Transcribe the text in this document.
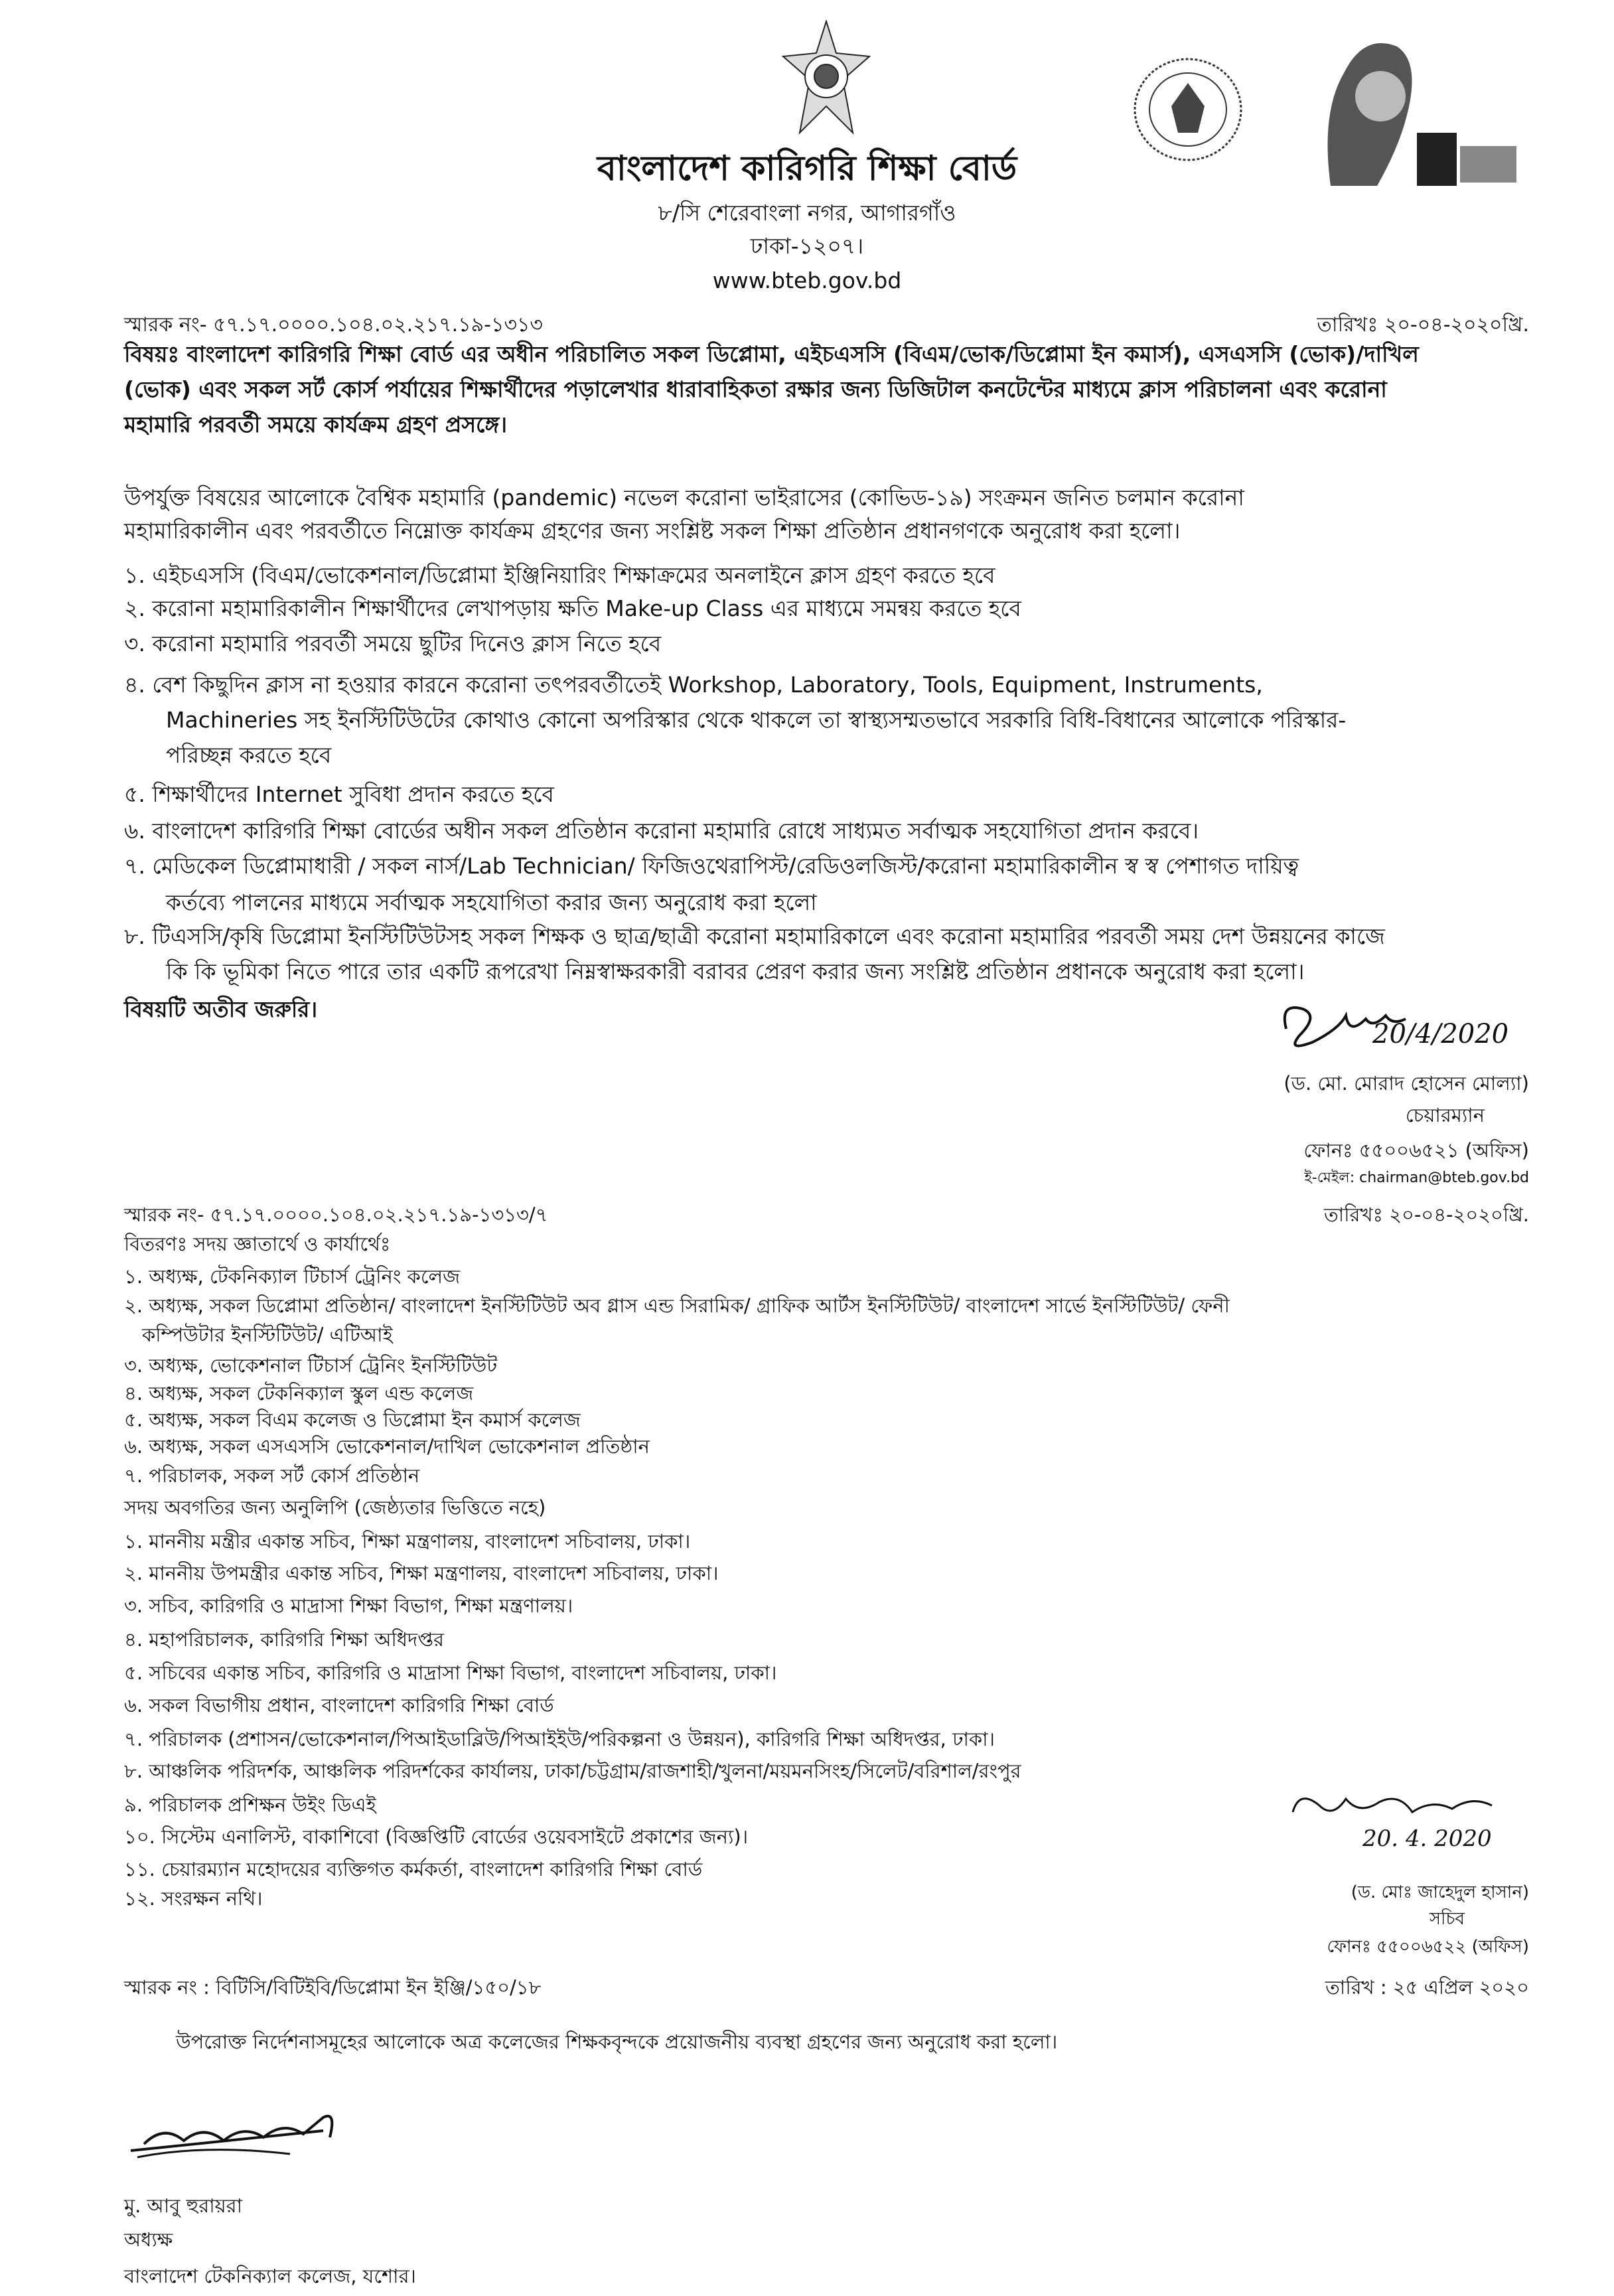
বাংলাদেশ কারিগরি শিক্ষা বোর্ড
৮/সি শেরেবাংলা নগর, আগারগাঁও
ঢাকা-১২০৭।
www.bteb.gov.bd
স্মারক নং- ৫৭.১৭.০০০০.১০৪.০২.২১৭.১৯-১৩১৩	তারিখঃ ২০-০৪-২০২০খ্রি.
বিষয়ঃ বাংলাদেশ কারিগরি শিক্ষা বোর্ড এর অধীন পরিচালিত সকল ডিপ্লোমা, এইচএসসি (বিএম/ভোক/ডিপ্লোমা ইন কমার্স), এসএসসি (ভোক)/দাখিল
(ভোক) এবং সকল সর্ট কোর্স পর্যায়ের শিক্ষার্থীদের পড়ালেখার ধারাবাহিকতা রক্ষার জন্য ডিজিটাল কনটেন্টের মাধ্যমে ক্লাস পরিচালনা এবং করোনা
মহামারি পরবর্তী সময়ে কার্যক্রম গ্রহণ প্রসঙ্গে।
উপর্যুক্ত বিষয়ের আলোকে বৈশ্বিক মহামারি (pandemic) নভেল করোনা ভাইরাসের (কোভিড-১৯) সংক্রমন জনিত চলমান করোনা
মহামারিকালীন এবং পরবর্তীতে নিম্নোক্ত কার্যক্রম গ্রহণের জন্য সংশ্লিষ্ট সকল শিক্ষা প্রতিষ্ঠান প্রধানগণকে অনুরোধ করা হলো।
১. এইচএসসি (বিএম/ভোকেশনাল/ডিপ্লোমা ইঞ্জিনিয়ারিং শিক্ষাক্রমের অনলাইনে ক্লাস গ্রহণ করতে হবে
২. করোনা মহামারিকালীন শিক্ষার্থীদের লেখাপড়ায় ক্ষতি Make-up Class এর মাধ্যমে সমন্বয় করতে হবে
৩. করোনা মহামারি পরবর্তী সময়ে ছুটির দিনেও ক্লাস নিতে হবে
৪. বেশ কিছুদিন ক্লাস না হওয়ার কারনে করোনা তৎপরবর্তীতেই Workshop, Laboratory, Tools, Equipment, Instruments,
Machineries সহ ইনস্টিটিউটের কোথাও কোনো অপরিস্কার থেকে থাকলে তা স্বাস্থ্যসম্মতভাবে সরকারি বিধি-বিধানের আলোকে পরিস্কার-
পরিচ্ছন্ন করতে হবে
৫. শিক্ষার্থীদের Internet সুবিধা প্রদান করতে হবে
৬. বাংলাদেশ কারিগরি শিক্ষা বোর্ডের অধীন সকল প্রতিষ্ঠান করোনা মহামারি রোধে সাধ্যমত সর্বাত্মক সহযোগিতা প্রদান করবে।
৭. মেডিকেল ডিপ্লোমাধারী / সকল নার্স/Lab Technician/ ফিজিওথেরাপিস্ট/রেডিওলজিস্ট/করোনা মহামারিকালীন স্ব স্ব পেশাগত দায়িত্ব
কর্তব্যে পালনের মাধ্যমে সর্বাত্মক সহযোগিতা করার জন্য অনুরোধ করা হলো
৮. টিএসসি/কৃষি ডিপ্লোমা ইনস্টিটিউটসহ সকল শিক্ষক ও ছাত্র/ছাত্রী করোনা মহামারিকালে এবং করোনা মহামারির পরবর্তী সময় দেশ উন্নয়নের কাজে
কি কি ভূমিকা নিতে পারে তার একটি রূপরেখা নিম্নস্বাক্ষরকারী বরাবর প্রেরণ করার জন্য সংশ্লিষ্ট প্রতিষ্ঠান প্রধানকে অনুরোধ করা হলো।
বিষয়টি অতীব জরুরি।
20/4/2020
(ড. মো. মোরাদ হোসেন মোল্যা)
চেয়ারম্যান
ফোনঃ ৫৫০০৬৫২১ (অফিস)
ই-মেইল: chairman@bteb.gov.bd
স্মারক নং- ৫৭.১৭.০০০০.১০৪.০২.২১৭.১৯-১৩১৩/৭	তারিখঃ ২০-০৪-২০২০খ্রি.
বিতরণঃ সদয় জ্ঞাতার্থে ও কার্যার্থেঃ
১. অধ্যক্ষ, টেকনিক্যাল টিচার্স ট্রেনিং কলেজ
২. অধ্যক্ষ, সকল ডিপ্লোমা প্রতিষ্ঠান/ বাংলাদেশ ইনস্টিটিউট অব গ্লাস এন্ড সিরামিক/ গ্রাফিক আর্টস ইনস্টিটিউট/ বাংলাদেশ সার্ভে ইনস্টিটিউট/ ফেনী
কম্পিউটার ইনস্টিটিউট/ এটিআই
৩. অধ্যক্ষ, ভোকেশনাল টিচার্স ট্রেনিং ইনস্টিটিউট
৪. অধ্যক্ষ, সকল টেকনিক্যাল স্কুল এন্ড কলেজ
৫. অধ্যক্ষ, সকল বিএম কলেজ ও ডিপ্লোমা ইন কমার্স কলেজ
৬. অধ্যক্ষ, সকল এসএসসি ভোকেশনাল/দাখিল ভোকেশনাল প্রতিষ্ঠান
৭. পরিচালক, সকল সর্ট কোর্স প্রতিষ্ঠান
সদয় অবগতির জন্য অনুলিপি (জেষ্ঠ্যতার ভিত্তিতে নহে)
১. মাননীয় মন্ত্রীর একান্ত সচিব, শিক্ষা মন্ত্রণালয়, বাংলাদেশ সচিবালয়, ঢাকা।
২. মাননীয় উপমন্ত্রীর একান্ত সচিব, শিক্ষা মন্ত্রণালয়, বাংলাদেশ সচিবালয়, ঢাকা।
৩. সচিব, কারিগরি ও মাদ্রাসা শিক্ষা বিভাগ, শিক্ষা মন্ত্রণালয়।
৪. মহাপরিচালক, কারিগরি শিক্ষা অধিদপ্তর
৫. সচিবের একান্ত সচিব, কারিগরি ও মাদ্রাসা শিক্ষা বিভাগ, বাংলাদেশ সচিবালয়, ঢাকা।
৬. সকল বিভাগীয় প্রধান, বাংলাদেশ কারিগরি শিক্ষা বোর্ড
৭. পরিচালক (প্রশাসন/ভোকেশনাল/পিআইডাব্লিউ/পিআইইউ/পরিকল্পনা ও উন্নয়ন), কারিগরি শিক্ষা অধিদপ্তর, ঢাকা।
৮. আঞ্চলিক পরিদর্শক, আঞ্চলিক পরিদর্শকের কার্যালয়, ঢাকা/চট্টগ্রাম/রাজশাহী/খুলনা/ময়মনসিংহ/সিলেট/বরিশাল/রংপুর
৯. পরিচালক প্রশিক্ষন উইং ডিএই
১০. সিস্টেম এনালিস্ট, বাকাশিবো (বিজ্ঞপ্তিটি বোর্ডের ওয়েবসাইটে প্রকাশের জন্য)।
১১. চেয়ারম্যান মহোদয়ের ব্যক্তিগত কর্মকর্তা, বাংলাদেশ কারিগরি শিক্ষা বোর্ড
১২. সংরক্ষন নথি।
20. 4. 2020
(ড. মোঃ জাহেদুল হাসান)
সচিব
ফোনঃ ৫৫০০৬৫২২ (অফিস)
স্মারক নং : বিটিসি/বিটিইবি/ডিপ্লোমা ইন ইঞ্জি/১৫০/১৮	তারিখ : ২৫ এপ্রিল ২০২০
উপরোক্ত নির্দেশনাসমূহের আলোকে অত্র কলেজের শিক্ষকবৃন্দকে প্রয়োজনীয় ব্যবস্থা গ্রহণের জন্য অনুরোধ করা হলো।
মু. আবু হুরায়রা
অধ্যক্ষ
বাংলাদেশ টেকনিক্যাল কলেজ, যশোর।
